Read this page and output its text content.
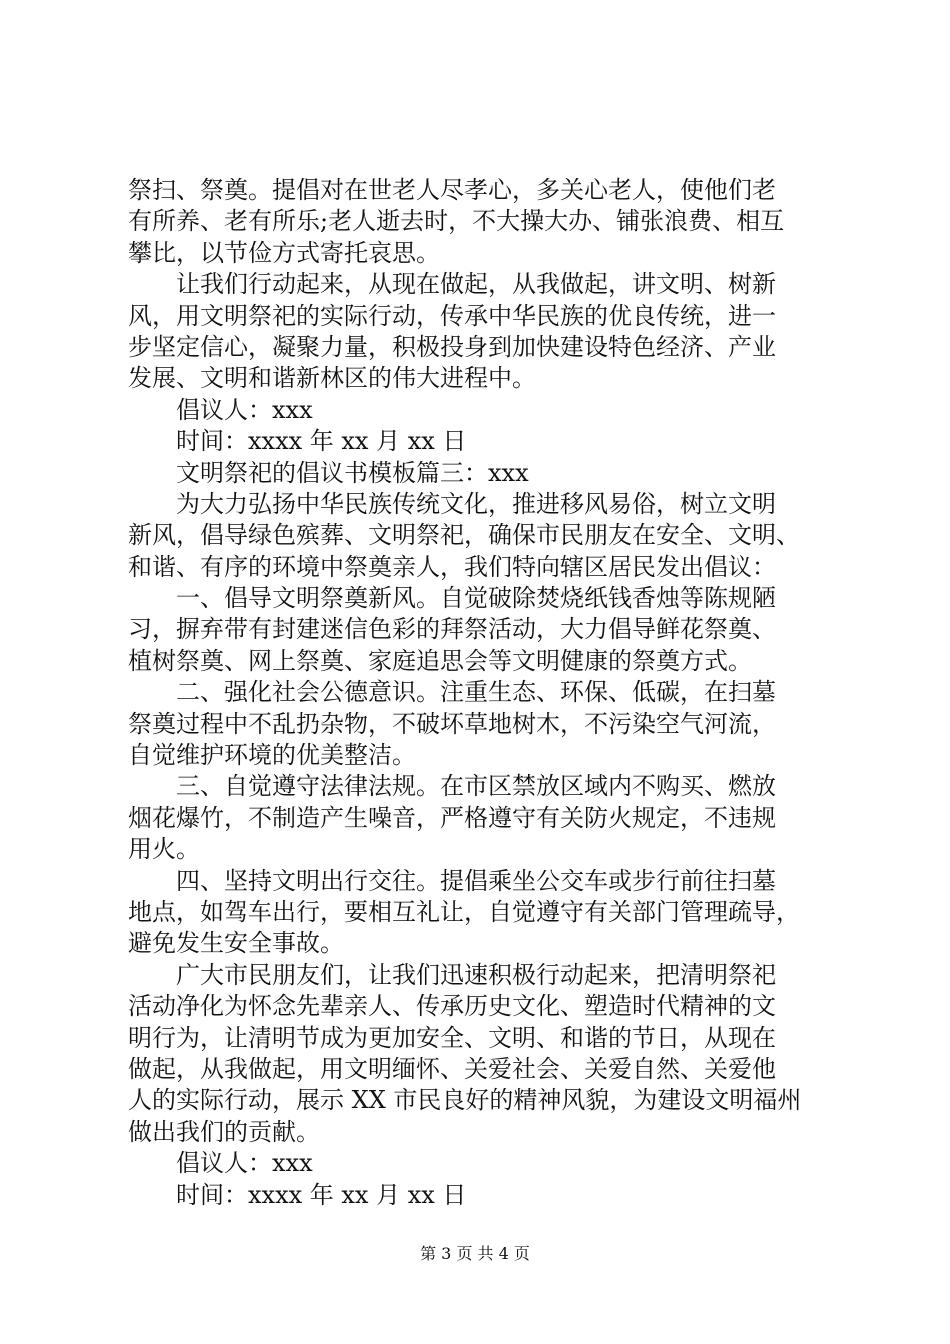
祭扫、祭奠。提倡对在世老人尽孝心，多关心老人，使他们老
有所养、老有所乐;老人逝去时，不大操大办、铺张浪费、相互
攀比，以节俭方式寄托哀思。
让我们行动起来，从现在做起，从我做起，讲文明、树新
风，用文明祭祀的实际行动，传承中华民族的优良传统，进一
步坚定信心，凝聚力量，积极投身到加快建设特色经济、产业
发展、文明和谐新林区的伟大进程中。
倡议人：xxx
时间：xxxx 年 xx 月 xx 日
文明祭祀的倡议书模板篇三：xxx
为大力弘扬中华民族传统文化，推进移风易俗，树立文明
新风，倡导绿色殡葬、文明祭祀，确保市民朋友在安全、文明、
和谐、有序的环境中祭奠亲人，我们特向辖区居民发出倡议：
一、倡导文明祭奠新风。自觉破除焚烧纸钱香烛等陈规陋
习，摒弃带有封建迷信色彩的拜祭活动，大力倡导鲜花祭奠、
植树祭奠、网上祭奠、家庭追思会等文明健康的祭奠方式。
二、强化社会公德意识。注重生态、环保、低碳，在扫墓
祭奠过程中不乱扔杂物，不破坏草地树木，不污染空气河流，
自觉维护环境的优美整洁。
三、自觉遵守法律法规。在市区禁放区域内不购买、燃放
烟花爆竹，不制造产生噪音，严格遵守有关防火规定，不违规
用火。
四、坚持文明出行交往。提倡乘坐公交车或步行前往扫墓
地点，如驾车出行，要相互礼让，自觉遵守有关部门管理疏导，
避免发生安全事故。
广大市民朋友们，让我们迅速积极行动起来，把清明祭祀
活动净化为怀念先辈亲人、传承历史文化、塑造时代精神的文
明行为，让清明节成为更加安全、文明、和谐的节日，从现在
做起，从我做起，用文明缅怀、关爱社会、关爱自然、关爱他
人的实际行动，展示 XX 市民良好的精神风貌，为建设文明福州
做出我们的贡献。
倡议人：xxx
时间：xxxx 年 xx 月 xx 日
第 3 页 共 4 页
